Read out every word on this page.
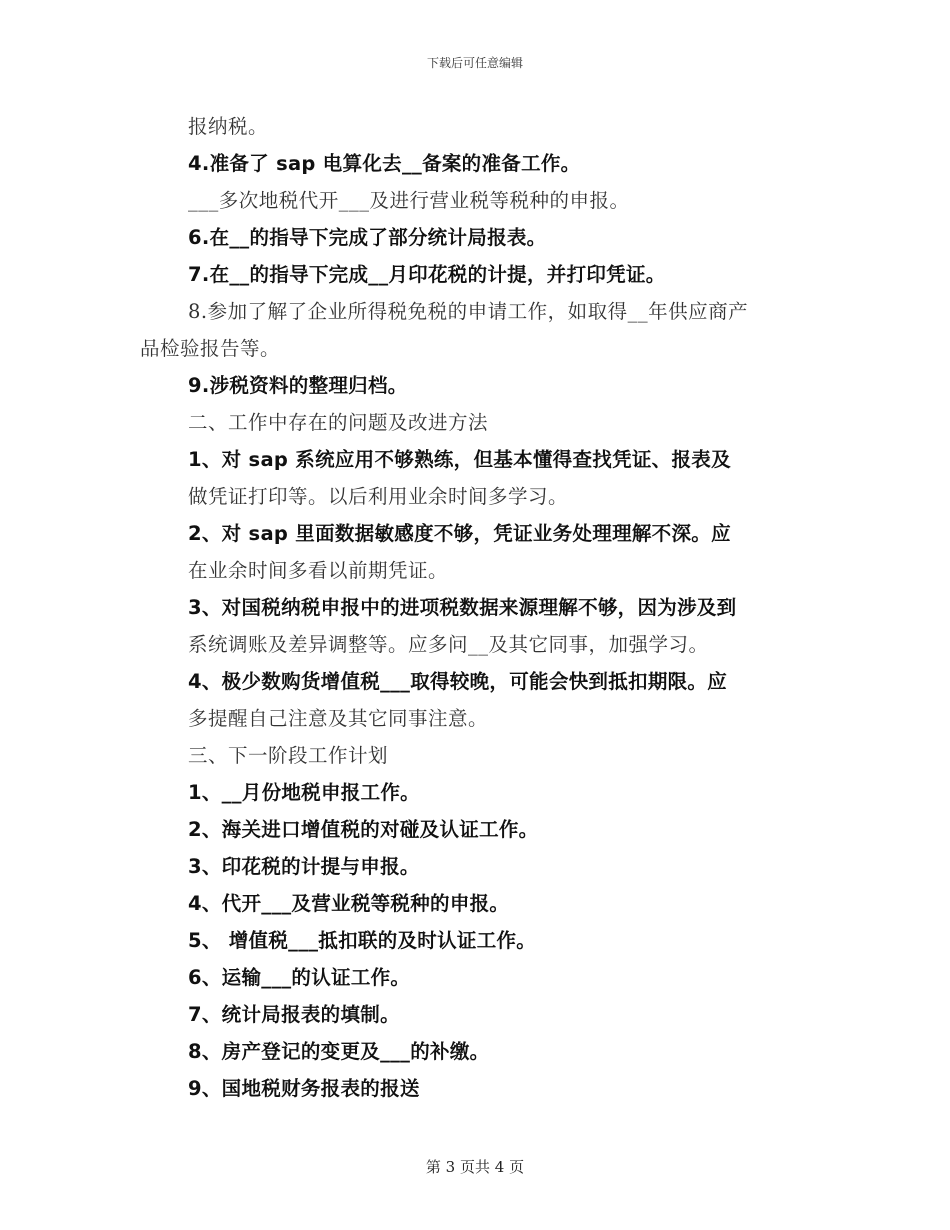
下载后可任意编辑
报纳税。
4.准备了 sap 电算化去__备案的准备工作。
___多次地税代开___及进行营业税等税种的申报。
6.在__的指导下完成了部分统计局报表。
7.在__的指导下完成__月印花税的计提，并打印凭证。
8.参加了解了企业所得税免税的申请工作，如取得__年供应商产
品检验报告等。
9.涉税资料的整理归档。
二、工作中存在的问题及改进方法
1、对 sap 系统应用不够熟练，但基本懂得查找凭证、报表及
做凭证打印等。以后利用业余时间多学习。
2、对 sap 里面数据敏感度不够，凭证业务处理理解不深。应
在业余时间多看以前期凭证。
3、对国税纳税申报中的进项税数据来源理解不够，因为涉及到
系统调账及差异调整等。应多问__及其它同事，加强学习。
4、极少数购货增值税___取得较晚，可能会快到抵扣期限。应
多提醒自己注意及其它同事注意。
三、下一阶段工作计划
1、__月份地税申报工作。
2、海关进口增值税的对碰及认证工作。
3、印花税的计提与申报。
4、代开___及营业税等税种的申报。
5、 增值税___抵扣联的及时认证工作。
6、运输___的认证工作。
7、统计局报表的填制。
8、房产登记的变更及___的补缴。
9、国地税财务报表的报送
第 3 页共 4 页
